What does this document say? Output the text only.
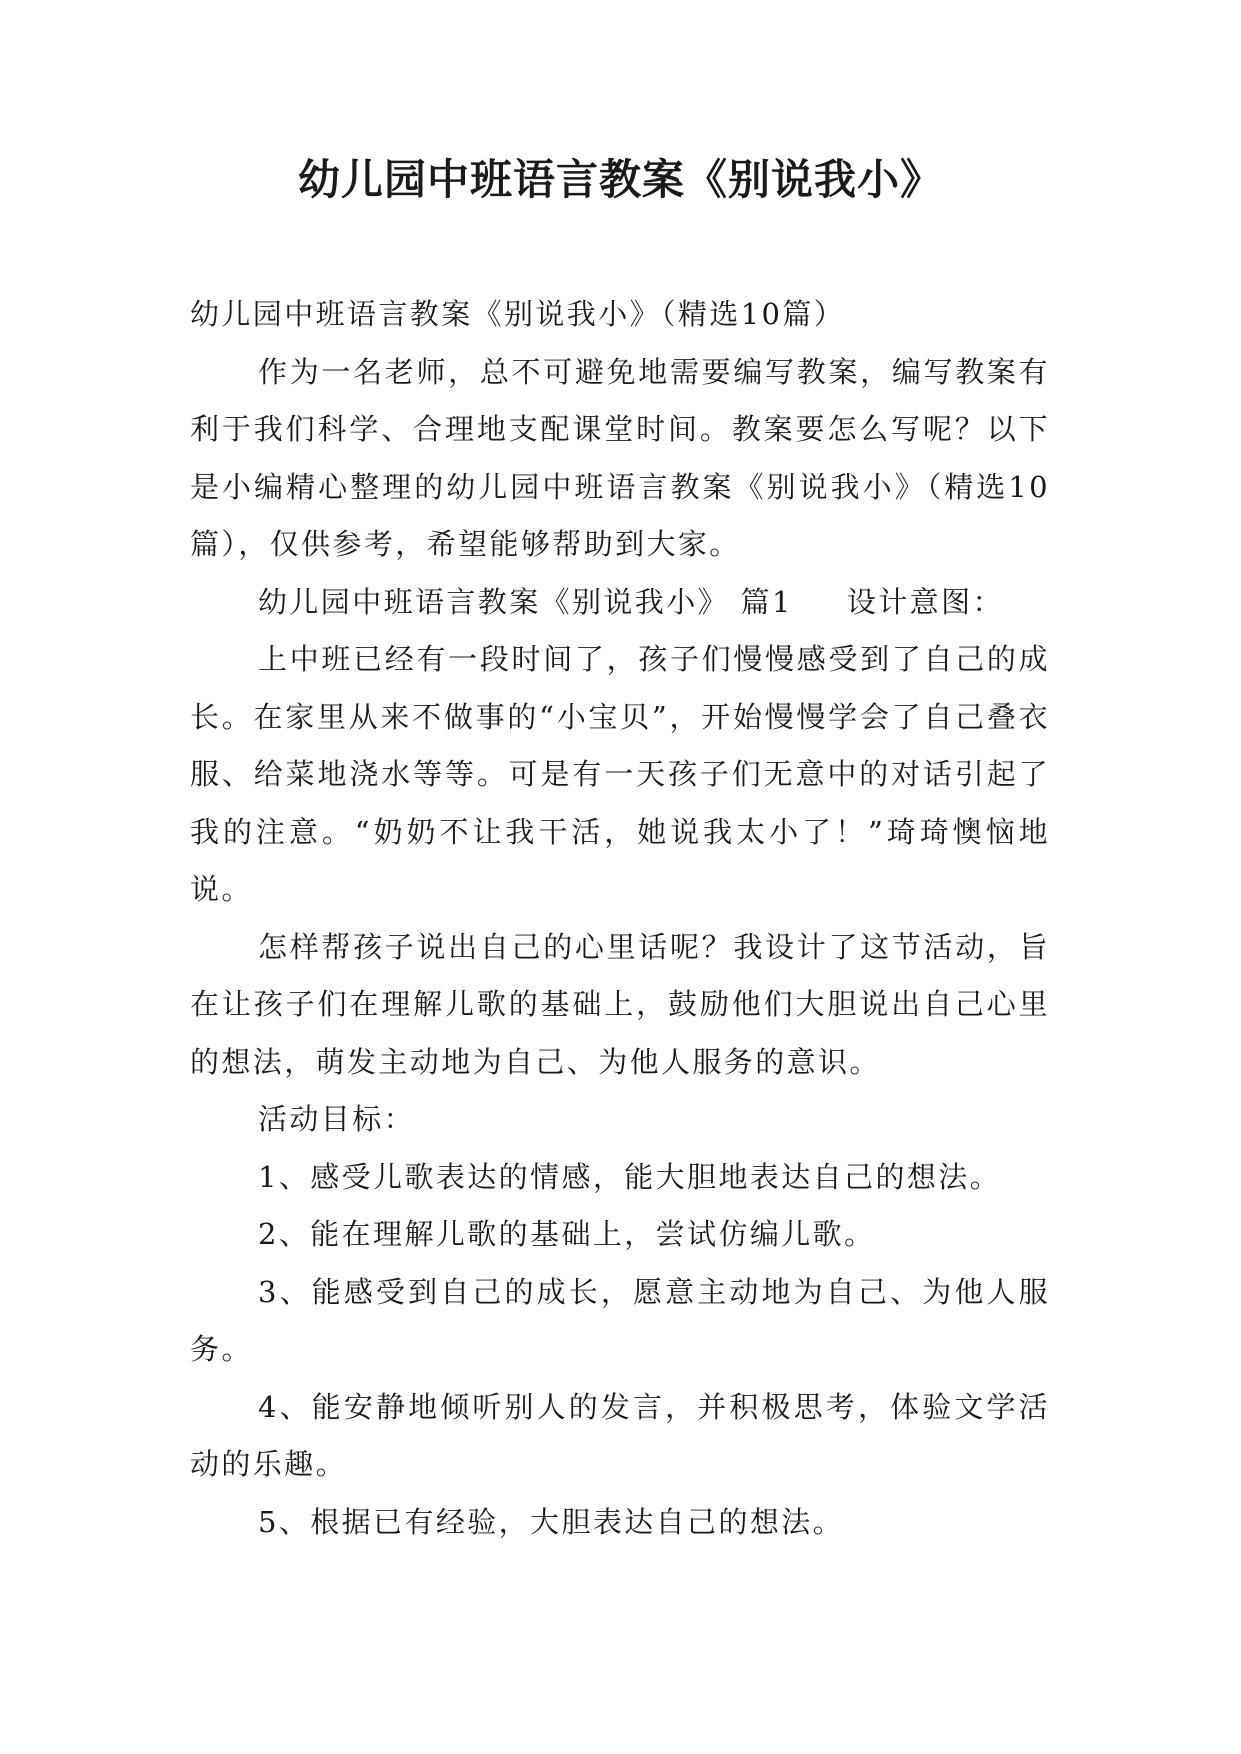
幼儿园中班语言教案《别说我小》

幼儿园中班语言教案《别说我小》（精选10篇）

作为一名老师，总不可避免地需要编写教案，编写教案有利于我们科学、合理地支配课堂时间。教案要怎么写呢？以下是小编精心整理的幼儿园中班语言教案《别说我小》（精选10篇），仅供参考，希望能够帮助到大家。

幼儿园中班语言教案《别说我小》 篇1 设计意图：

上中班已经有一段时间了，孩子们慢慢感受到了自己的成长。在家里从来不做事的“小宝贝”，开始慢慢学会了自己叠衣服、给菜地浇水等等。可是有一天孩子们无意中的对话引起了我的注意。“奶奶不让我干活，她说我太小了！”琦琦懊恼地说。

怎样帮孩子说出自己的心里话呢？我设计了这节活动，旨在让孩子们在理解儿歌的基础上，鼓励他们大胆说出自己心里的想法，萌发主动地为自己、为他人服务的意识。

活动目标：

1、感受儿歌表达的情感，能大胆地表达自己的想法。

2、能在理解儿歌的基础上，尝试仿编儿歌。

3、能感受到自己的成长，愿意主动地为自己、为他人服务。

4、能安静地倾听别人的发言，并积极思考，体验文学活动的乐趣。

5、根据已有经验，大胆表达自己的想法。
